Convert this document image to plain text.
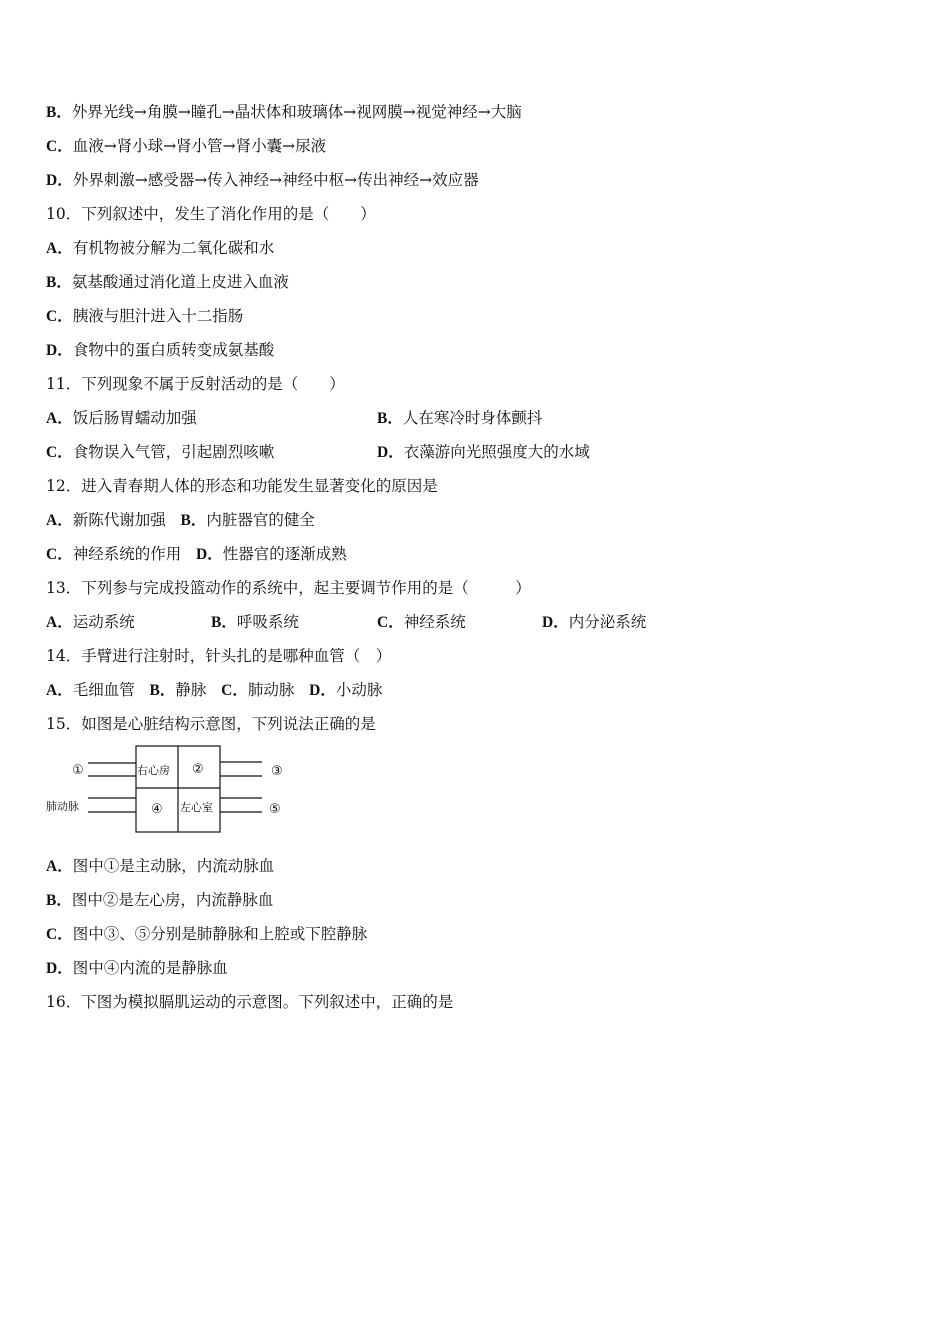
B．外界光线→角膜→瞳孔→晶状体和玻璃体→视网膜→视觉神经→大脑
C．血液→肾小球→肾小管→肾小囊→尿液
D．外界刺激→感受器→传入神经→神经中枢→传出神经→效应器
10．下列叙述中，发生了消化作用的是（　　）
A．有机物被分解为二氧化碳和水
B．氨基酸通过消化道上皮进入血液
C．胰液与胆汁进入十二指肠
D．食物中的蛋白质转变成氨基酸
11．下列现象不属于反射活动的是（　　）
A．饭后肠胃蠕动加强	B．人在寒冷时身体颤抖
C．食物误入气管，引起剧烈咳嗽	D．衣藻游向光照强度大的水域
12．进入青春期人体的形态和功能发生显著变化的原因是
A．新陈代谢加强 B．内脏器官的健全
C．神经系统的作用 D．性器官的逐渐成熟
13．下列参与完成投篮动作的系统中，起主要调节作用的是（　　　）
A．运动系统	B．呼吸系统	C．神经系统	D．内分泌系统
14．手臂进行注射时，针头扎的是哪种血管（　）
A．毛细血管 B．静脉 C．肺动脉 D．小动脉
15．如图是心脏结构示意图，下列说法正确的是
①	右心房 ②	③
肺动脉	④ 左心室	⑤
A．图中①是主动脉，内流动脉血
B．图中②是左心房，内流静脉血
C．图中③、⑤分别是肺静脉和上腔或下腔静脉
D．图中④内流的是静脉血
16．下图为模拟膈肌运动的示意图。下列叙述中，正确的是
